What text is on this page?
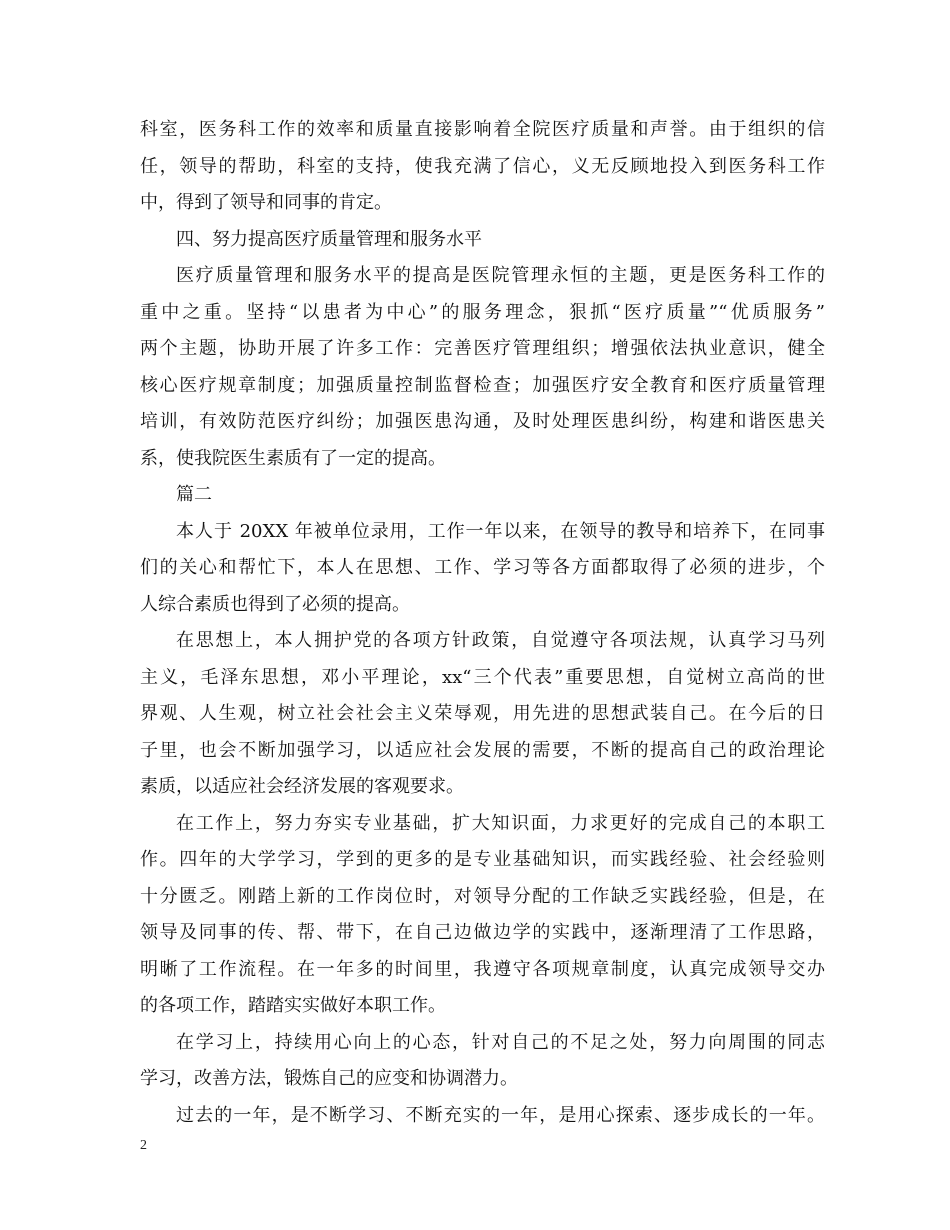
科室，医务科工作的效率和质量直接影响着全院医疗质量和声誉。由于组织的信
任，领导的帮助，科室的支持，使我充满了信心，义无反顾地投入到医务科工作
中，得到了领导和同事的肯定。
四、努力提高医疗质量管理和服务水平
医疗质量管理和服务水平的提高是医院管理永恒的主题，更是医务科工作的
重中之重。坚持“以患者为中心”的服务理念，狠抓“医疗质量”“优质服务”
两个主题，协助开展了许多工作：完善医疗管理组织；增强依法执业意识，健全
核心医疗规章制度；加强质量控制监督检查；加强医疗安全教育和医疗质量管理
培训，有效防范医疗纠纷；加强医患沟通，及时处理医患纠纷，构建和谐医患关
系，使我院医生素质有了一定的提高。
篇二
本人于 20XX 年被单位录用，工作一年以来，在领导的教导和培养下，在同事
们的关心和帮忙下，本人在思想、工作、学习等各方面都取得了必须的进步，个
人综合素质也得到了必须的提高。
在思想上，本人拥护党的各项方针政策，自觉遵守各项法规，认真学习马列
主义，毛泽东思想，邓小平理论，xx“三个代表”重要思想，自觉树立高尚的世
界观、人生观，树立社会社会主义荣辱观，用先进的思想武装自己。在今后的日
子里，也会不断加强学习，以适应社会发展的需要，不断的提高自己的政治理论
素质，以适应社会经济发展的客观要求。
在工作上，努力夯实专业基础，扩大知识面，力求更好的完成自己的本职工
作。四年的大学学习，学到的更多的是专业基础知识，而实践经验、社会经验则
十分匮乏。刚踏上新的工作岗位时，对领导分配的工作缺乏实践经验，但是，在
领导及同事的传、帮、带下，在自己边做边学的实践中，逐渐理清了工作思路，
明晰了工作流程。在一年多的时间里，我遵守各项规章制度，认真完成领导交办
的各项工作，踏踏实实做好本职工作。
在学习上，持续用心向上的心态，针对自己的不足之处，努力向周围的同志
学习，改善方法，锻炼自己的应变和协调潜力。
过去的一年，是不断学习、不断充实的一年，是用心探索、逐步成长的一年。
2
